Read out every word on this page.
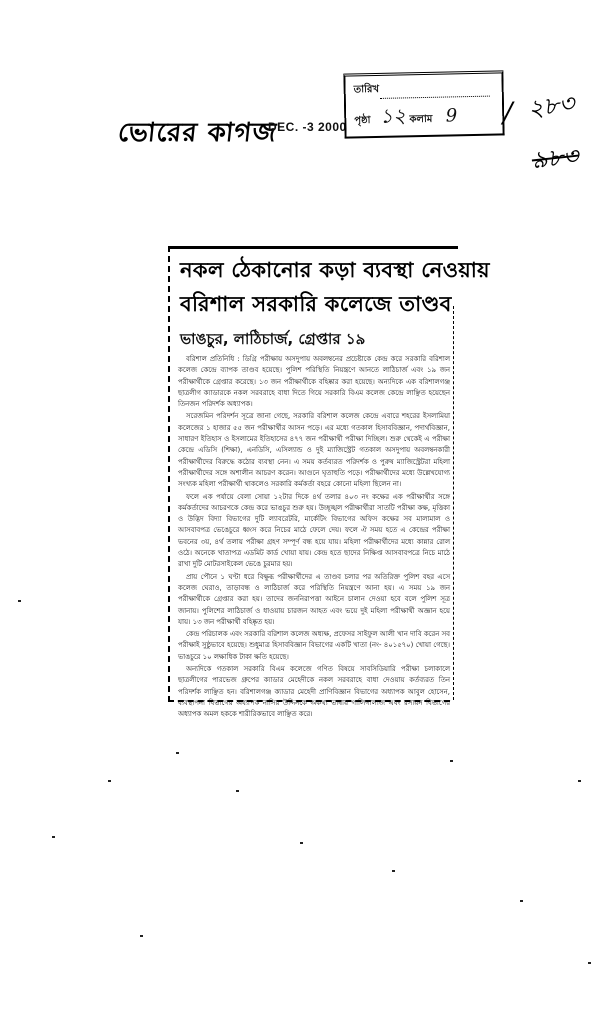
ভোরের কাগজ
DEC. -3 2000
তারিখ
পৃষ্ঠা ১২ কলাম 9 / ২৮৩
৯৮৩
নকল ঠেকানোর কড়া ব্যবস্থা নেওয়ায়
বরিশাল সরকারি কলেজে তাণ্ডব
ভাঙচুর, লাঠিচার্জ, গ্রেপ্তার ১৯

বরিশাল প্রতিনিধি : ডিগ্রি পরীক্ষায় অসদুপায় অবলম্বনের প্রচেষ্টাকে কেন্দ্র করে সরকারি বরিশাল কলেজ কেন্দ্রে ব্যাপক তাণ্ডব হয়েছে। পুলিশ পরিস্থিতি নিয়ন্ত্রণে আনতে লাঠিচার্জ এবং ১৯ জন পরীক্ষার্থীকে গ্রেপ্তার করেছে। ১৩ জন পরীক্ষার্থীকে বহিষ্কার করা হয়েছে। অন্যদিকে এক বরিশালগঞ্জ ছাত্রলীগ ক্যাডারকে নকল সরবরাহে বাধা দিতে গিয়ে সরকারি বিএম কলেজ কেন্দ্রে লাঞ্ছিত হয়েছেন তিনজন পরিদর্শক অধ্যাপক।

সরেজমিন পরিদর্শন সূত্রে জানা গেছে, সরকারি বরিশাল কলেজ কেন্দ্রে এবারে শহরের ইসলামিয়া কলেজের ১ হাজার ৫৫ জন পরীক্ষার্থীর আসন পড়ে। এর মধ্যে গতকাল হিসাববিজ্ঞান, পদার্থবিজ্ঞান, সাধারণ ইতিহাস ও ইসলামের ইতিহাসের ৪৭৭ জন পরীক্ষার্থী পরীক্ষা দিচ্ছিল। শুরু থেকেই এ পরীক্ষা কেন্দ্রে এডিসি (শিক্ষা), এনডিসি, এসিল্যান্ড ও দুই ম্যাজিস্ট্রেট গতকাল অসদুপায় অবলম্বনকারী পরীক্ষার্থীদের বিরুদ্ধে কঠোর ব্যবস্থা নেন। এ সময় কর্তব্যরত পরিদর্শক ও পুরুষ ম্যাজিস্ট্রেটরা মহিলা পরীক্ষার্থীদের সঙ্গে অশালীন আচরণ করেন। আগুনে ঘৃতাহুতি পড়ে। পরীক্ষার্থীদের মধ্যে উল্লেখযোগ্য সংখ্যক মহিলা পরীক্ষার্থী থাকলেও সরকারি কর্মকর্তা বহরে কোনো মহিলা ছিলেন না।

ফলে এক পর্যায়ে বেলা সোয়া ১২টার দিকে ৪র্থ তলার ৪০৩ নং কক্ষের এক পরীক্ষার্থীর সঙ্গে কর্মকর্তাদের আচরণকে কেন্দ্র করে ভাঙচুর শুরু হয়। উচ্ছৃঙ্খল পরীক্ষার্থীরা সাতটি পরীক্ষা কক্ষ, মৃত্তিকা ও উদ্ভিদ বিদ্যা বিভাগের দুটি ল্যাবরেটরি, মার্কেটিং বিভাগের অফিস কক্ষের সব মালামাল ও আসবাবপত্র ভেঙেচুরে ধ্বংস করে নিচের মাঠে ফেলে দেয়। ফলে ঐ সময় হতে এ কেন্দ্রের পরীক্ষা ভবনের ৩য়, ৪র্থ তলায় পরীক্ষা গ্রহণ সম্পূর্ণ বন্ধ হয়ে যায়। মহিলা পরীক্ষার্থীদের মধ্যে কান্নার রোল ওঠে। অনেকে খাতাপত্র এডমিট কার্ড খোয়া যায়। কেন্দ্র হতে ছাদের নিক্ষিপ্ত আসবাবপত্রে নিচে মাঠে রাখা দুটি মোটরসাইকেল ভেঙে চুরমার হয়।

প্রায় পৌনে ১ ঘণ্টা ধরে বিক্ষুব্ধ পরীক্ষার্থীদের এ তাণ্ডব চলার পর অতিরিক্ত পুলিশ বহর এসে কলেজ ঘেরাও, তাড়াবন্ধ ও লাঠিচার্জ করে পরিস্থিতি নিয়ন্ত্রণে আনা হয়। এ সময় ১৯ জন পরীক্ষার্থীকে গ্রেপ্তার করা হয়। তাদের জননিরাপত্তা আইনে চালান দেওয়া হবে বলে পুলিশ সূত্র জানায়। পুলিশের লাঠিচার্জ ও ধাওয়ায় চারজন আহত এবং ভয়ে দুই মহিলা পরীক্ষার্থী অজ্ঞান হয়ে যায়। ১৩ জন পরীক্ষার্থী বহিষ্কৃত হয়।

কেন্দ্র পরিচালক এবং সরকারি বরিশাল কলেজ অধ্যক্ষ, প্রফেসর সাইফুল আলী খান দাবি করেন সব পরীক্ষাই সুষ্ঠুভাবে হয়েছে। শুধুমাত্র হিসাববিজ্ঞান বিভাগের একটি খাতা (নং- ৪০১৫৭০) খোয়া গেছে। ভাঙচুরে ১০ লক্ষাধিক টাকা ক্ষতি হয়েছে।

অন্যদিকে গতকাল সরকারি বিএম কলেজে গণিত বিষয়ে সাবসিডিয়ারি পরীক্ষা চলাকালে ছাত্রলীগের পারভেজ গ্রুপের ক্যাডার মেহেদীকে নকল সরবরাহে বাধা দেওয়ায় কর্তব্যরত তিন পরিদর্শক লাঞ্ছিত হন। বরিশালগঞ্জ ক্যাডার মেহেদী প্রাণিবিজ্ঞান বিভাগের অধ্যাপক আবুল হোসেন, ব্যবস্থাপনা বিভাগের অধ্যাপক নাসির উদ্দিনকে অকথ্য ভাষায় গালিগালাজ এবং রসায়ন বিভাগের অধ্যাপক অমল হককে শারীরিকভাবে লাঞ্ছিত করে।
